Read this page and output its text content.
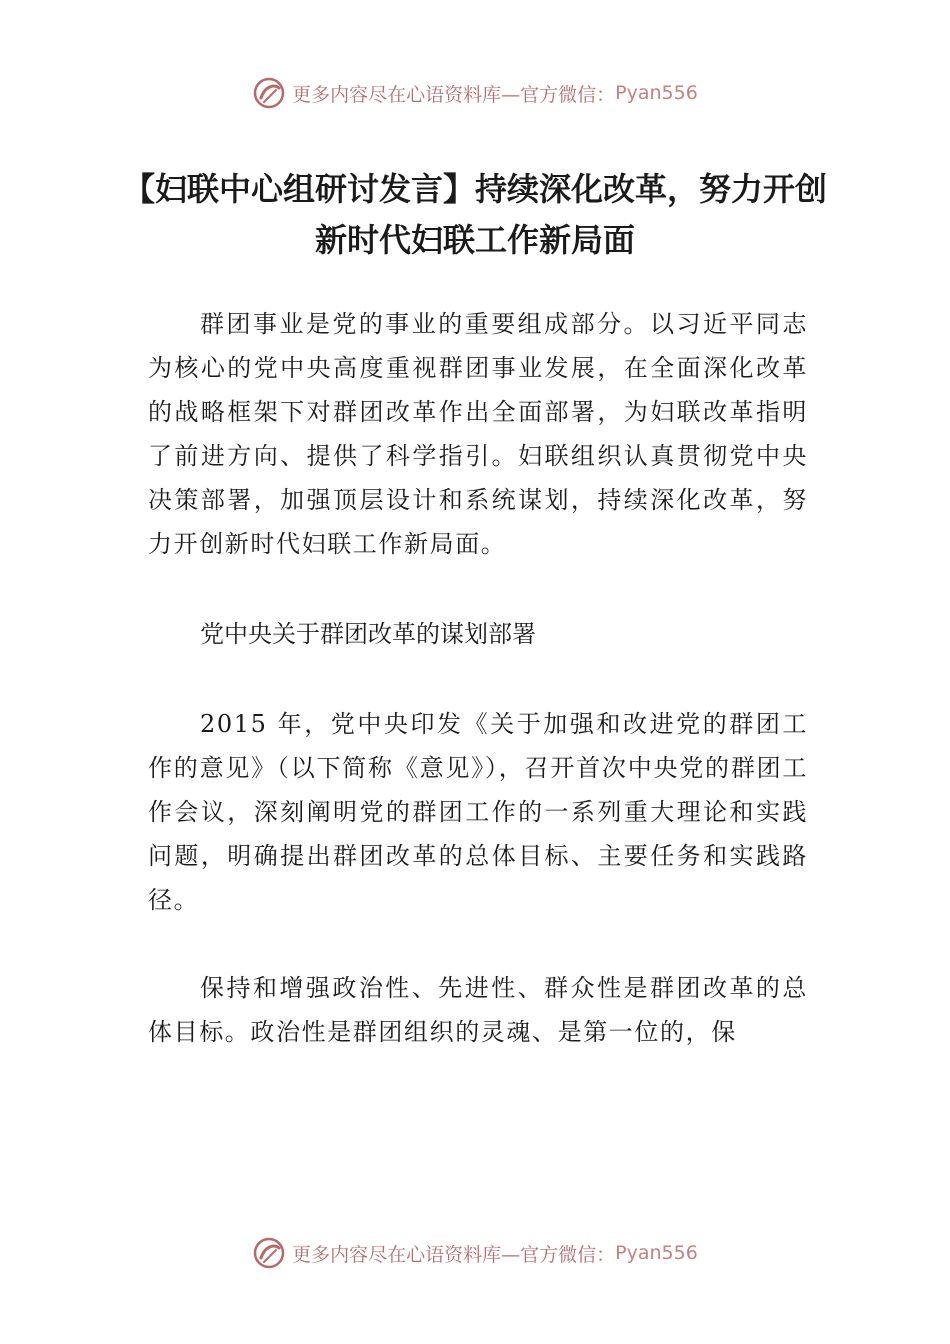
更多内容尽在心语资料库—官方微信： Pyan556
【妇联中心组研讨发言】持续深化改革，努力开创新时代妇联工作新局面

群团事业是党的事业的重要组成部分。以习近平同志为核心的党中央高度重视群团事业发展，在全面深化改革的战略框架下对群团改革作出全面部署，为妇联改革指明了前进方向、提供了科学指引。妇联组织认真贯彻党中央决策部署，加强顶层设计和系统谋划，持续深化改革，努力开创新时代妇联工作新局面。

党中央关于群团改革的谋划部署

2015 年，党中央印发《关于加强和改进党的群团工作的意见》（以下简称《意见》），召开首次中央党的群团工作会议，深刻阐明党的群团工作的一系列重大理论和实践问题，明确提出群团改革的总体目标、主要任务和实践路径。

保持和增强政治性、先进性、群众性是群团改革的总体目标。政治性是群团组织的灵魂、是第一位的，保

更多内容尽在心语资料库—官方微信： Pyan556
